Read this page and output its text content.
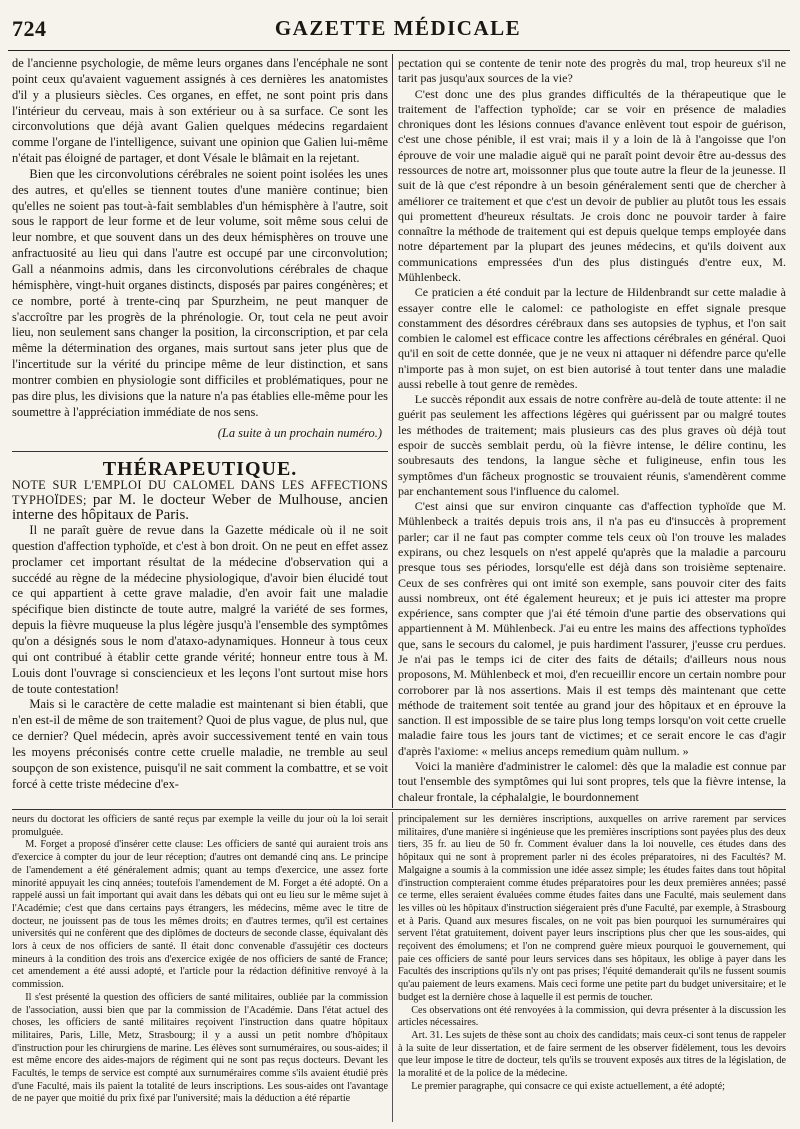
724	GAZETTE MÉDICALE

de l'ancienne psychologie, de même leurs organes dans l'encéphale ne sont point ceux qu'avaient vaguement assignés à ces dernières les anatomistes d'il y a plusieurs siècles. Ces organes, en effet, ne sont point pris dans l'intérieur du cerveau, mais à son extérieur ou à sa surface. Ce sont les circonvolutions que déjà avant Galien quelques médecins regardaient comme l'organe de l'intelligence, suivant une opinion que Galien lui-même n'était pas éloigné de partager, et dont Vésale le blâmait en la rejetant.

Bien que les circonvolutions cérébrales ne soient point isolées les unes des autres, et qu'elles se tiennent toutes d'une manière continue; bien qu'elles ne soient pas tout-à-fait semblables d'un hémisphère à l'autre, soit sous le rapport de leur forme et de leur volume, soit même sous celui de leur nombre, et que souvent dans un des deux hémisphères on trouve une anfractuosité au lieu qui dans l'autre est occupé par une circonvolution; Gall a néanmoins admis, dans les circonvolutions cérébrales de chaque hémisphère, vingt-huit organes distincts, disposés par paires congénères; et ce nombre, porté à trente-cinq par Spurzheim, ne peut manquer de s'accroître par les progrès de la phrénologie. Or, tout cela ne peut avoir lieu, non seulement sans changer la position, la circonscription, et par cela même la détermination des organes, mais surtout sans jeter plus que de l'incertitude sur la vérité du principe même de leur distinction, et sans montrer combien en physiologie sont difficiles et problématiques, pour ne pas dire plus, les divisions que la nature n'a pas établies elle-même pour les soumettre à l'appréciation immédiate de nos sens.

(La suite à un prochain numéro.)

THÉRAPEUTIQUE.

NOTE SUR L'EMPLOI DU CALOMEL DANS LES AFFECTIONS TYPHOÏDES; par M. le docteur Weber de Mulhouse, ancien interne des hôpitaux de Paris.

Il ne paraît guère de revue dans la Gazette médicale où il ne soit question d'affection typhoïde, et c'est à bon droit. On ne peut en effet assez proclamer cet important résultat de la médecine d'observation qui a succédé au règne de la médecine physiologique, d'avoir bien élucidé tout ce qui appartient à cette grave maladie, d'en avoir fait une maladie spécifique bien distincte de toute autre, malgré la variété de ses formes, depuis la fièvre muqueuse la plus légère jusqu'à l'ensemble des symptômes qu'on a désignés sous le nom d'ataxo-adynamiques. Honneur à tous ceux qui ont contribué à établir cette grande vérité; honneur entre tous à M. Louis dont l'ouvrage si consciencieux et les leçons l'ont surtout mise hors de toute contestation!

Mais si le caractère de cette maladie est maintenant si bien établi, que n'en est-il de même de son traitement? Quoi de plus vague, de plus nul, que ce dernier? Quel médecin, après avoir successivement tenté en vain tous les moyens préconisés contre cette cruelle maladie, ne tremble au seul soupçon de son existence, puisqu'il ne sait comment la combattre, et se voit forcé à cette triste médecine d'ex-

pectation qui se contente de tenir note des progrès du mal, trop heureux s'il ne tarit pas jusqu'aux sources de la vie?

C'est donc une des plus grandes difficultés de la thérapeutique que le traitement de l'affection typhoïde; car se voir en présence de maladies chroniques dont les lésions connues d'avance enlèvent tout espoir de guérison, c'est une chose pénible, il est vrai; mais il y a loin de là à l'angoisse que l'on éprouve de voir une maladie aiguë qui ne paraît point devoir être au-dessus des ressources de notre art, moissonner plus que toute autre la fleur de la jeunesse. Il suit de là que c'est répondre à un besoin généralement senti que de chercher à améliorer ce traitement et que c'est un devoir de publier au plutôt tous les essais qui promettent d'heureux résultats. Je crois donc ne pouvoir tarder à faire connaître la méthode de traitement qui est depuis quelque temps employée dans notre département par la plupart des jeunes médecins, et qu'ils doivent aux communications empressées d'un des plus distingués d'entre eux, M. Mühlenbeck.

Ce praticien a été conduit par la lecture de Hildenbrandt sur cette maladie à essayer contre elle le calomel: ce pathologiste en effet signale presque constamment des désordres cérébraux dans ses autopsies de typhus, et l'on sait combien le calomel est efficace contre les affections cérébrales en général. Quoi qu'il en soit de cette donnée, que je ne veux ni attaquer ni défendre parce qu'elle n'importe pas à mon sujet, on est bien autorisé à tout tenter dans une maladie aussi rebelle à tout genre de remèdes.

Le succès répondit aux essais de notre confrère au-delà de toute attente: il ne guérit pas seulement les affections légères qui guérissent par ou malgré toutes les méthodes de traitement; mais plusieurs cas des plus graves où déjà tout espoir de succès semblait perdu, où la fièvre intense, le délire continu, les soubresauts des tendons, la langue sèche et fuligineuse, enfin tous les symptômes d'un fâcheux prognostic se trouvaient réunis, s'amendèrent comme par enchantement sous l'influence du calomel.

C'est ainsi que sur environ cinquante cas d'affection typhoïde que M. Mühlenbeck a traités depuis trois ans, il n'a pas eu d'insuccès à proprement parler; car il ne faut pas compter comme tels ceux où l'on trouve les malades expirans, ou chez lesquels on n'est appelé qu'après que la maladie a parcouru presque tous ses périodes, lorsqu'elle est déjà dans son troisième septenaire. Ceux de ses confrères qui ont imité son exemple, sans pouvoir citer des faits aussi nombreux, ont été également heureux; et je puis ici attester ma propre expérience, sans compter que j'ai été témoin d'une partie des observations qui appartiennent à M. Mühlenbeck. J'ai eu entre les mains des affections typhoïdes que, sans le secours du calomel, je puis hardiment l'assurer, j'eusse cru perdues. Je n'ai pas le temps ici de citer des faits de détails; d'ailleurs nous nous proposons, M. Mühlenbeck et moi, d'en recueillir encore un certain nombre pour corroborer par là nos assertions. Mais il est temps dès maintenant que cette méthode de traitement soit tentée au grand jour des hôpitaux et en éprouve la sanction. Il est impossible de se taire plus long temps lorsqu'on voit cette cruelle maladie faire tous les jours tant de victimes; et ce serait encore le cas d'agir d'après l'axiome: « melius anceps remedium quàm nullum. »

Voici la manière d'administrer le calomel: dès que la maladie est connue par tout l'ensemble des symptômes qui lui sont propres, tels que la fièvre intense, la chaleur frontale, la céphalalgie, le bourdonnement

neurs du doctorat les officiers de santé reçus par exemple la veille du jour où la loi serait promulguée.

M. Forget a proposé d'insérer cette clause: Les officiers de santé qui auraient trois ans d'exercice à compter du jour de leur réception; d'autres ont demandé cinq ans. Le principe de l'amendement a été généralement admis; quant au temps d'exercice, une assez forte minorité appuyait les cinq années; toutefois l'amendement de M. Forget a été adopté. On a rappelé aussi un fait important qui avait dans les débats qui ont eu lieu sur le même sujet à l'Académie; c'est que dans certains pays étrangers, les médecins, même avec le titre de docteur, ne jouissent pas de tous les mêmes droits; en d'autres termes, qu'il est certaines universités qui ne confèrent que des diplômes de docteurs de seconde classe, équivalant dès lors à ceux de nos officiers de santé. Il était donc convenable d'assujétir ces docteurs mineurs à la condition des trois ans d'exercice exigée de nos officiers de santé de France; cet amendement a été aussi adopté, et l'article pour la rédaction définitive renvoyé à la commission.

Il s'est présenté la question des officiers de santé militaires, oubliée par la commission de l'association, aussi bien que par la commission de l'Académie. Dans l'état actuel des choses, les officiers de santé militaires reçoivent l'instruction dans quatre hôpitaux militaires, Paris, Lille, Metz, Strasbourg; il y a aussi un petit nombre d'hôpitaux d'instruction pour les chirurgiens de marine. Les élèves sont surnuméraires, ou sous-aides; il est même encore des aides-majors de régiment qui ne sont pas reçus docteurs. Devant les Facultés, le temps de service est compté aux surnuméraires comme s'ils avaient étudié près d'une Faculté, mais ils paient la totalité de leurs inscriptions. Les sous-aides ont l'avantage de ne payer que moitié du prix fixé par l'université; mais la déduction a été répartie

principalement sur les dernières inscriptions, auxquelles on arrive rarement par services militaires, d'une manière si ingénieuse que les premières inscriptions sont payées plus des deux tiers, 35 fr. au lieu de 50 fr. Comment évaluer dans la loi nouvelle, ces études dans des hôpitaux qui ne sont à proprement parler ni des écoles préparatoires, ni des Facultés? M. Malgaigne a soumis à la commission une idée assez simple; les études faites dans tout hôpital d'instruction compteraient comme études préparatoires pour les deux premières années; passé ce terme, elles seraient évaluées comme études faites dans une Faculté, mais seulement dans les villes où les hôpitaux d'instruction siégeraient près d'une Faculté, par exemple, à Strasbourg et à Paris. Quand aux mesures fiscales, on ne voit pas bien pourquoi les surnuméraires qui servent l'état gratuitement, doivent payer leurs inscriptions plus cher que les sous-aides, qui reçoivent des émolumens; et l'on ne comprend guère mieux pourquoi le gouvernement, qui paie ces officiers de santé pour leurs services dans ses hôpitaux, les oblige à payer dans les Facultés des inscriptions qu'ils n'y ont pas prises; l'équité demanderait qu'ils ne fussent soumis qu'au paiement de leurs examens. Mais ceci forme une petite part du budget universitaire; et le budget est la dernière chose à laquelle il est permis de toucher.

Ces observations ont été renvoyées à la commission, qui devra présenter à la discussion les articles nécessaires.

Art. 31. Les sujets de thèse sont au choix des candidats; mais ceux-ci sont tenus de rappeler à la suite de leur dissertation, et de faire serment de les observer fidèlement, tous les devoirs que leur impose le titre de docteur, tels qu'ils se trouvent exposés aux titres de la législation, de la moralité et de la police de la médecine.

Le premier paragraphe, qui consacre ce qui existe actuellement, a été adopté;
